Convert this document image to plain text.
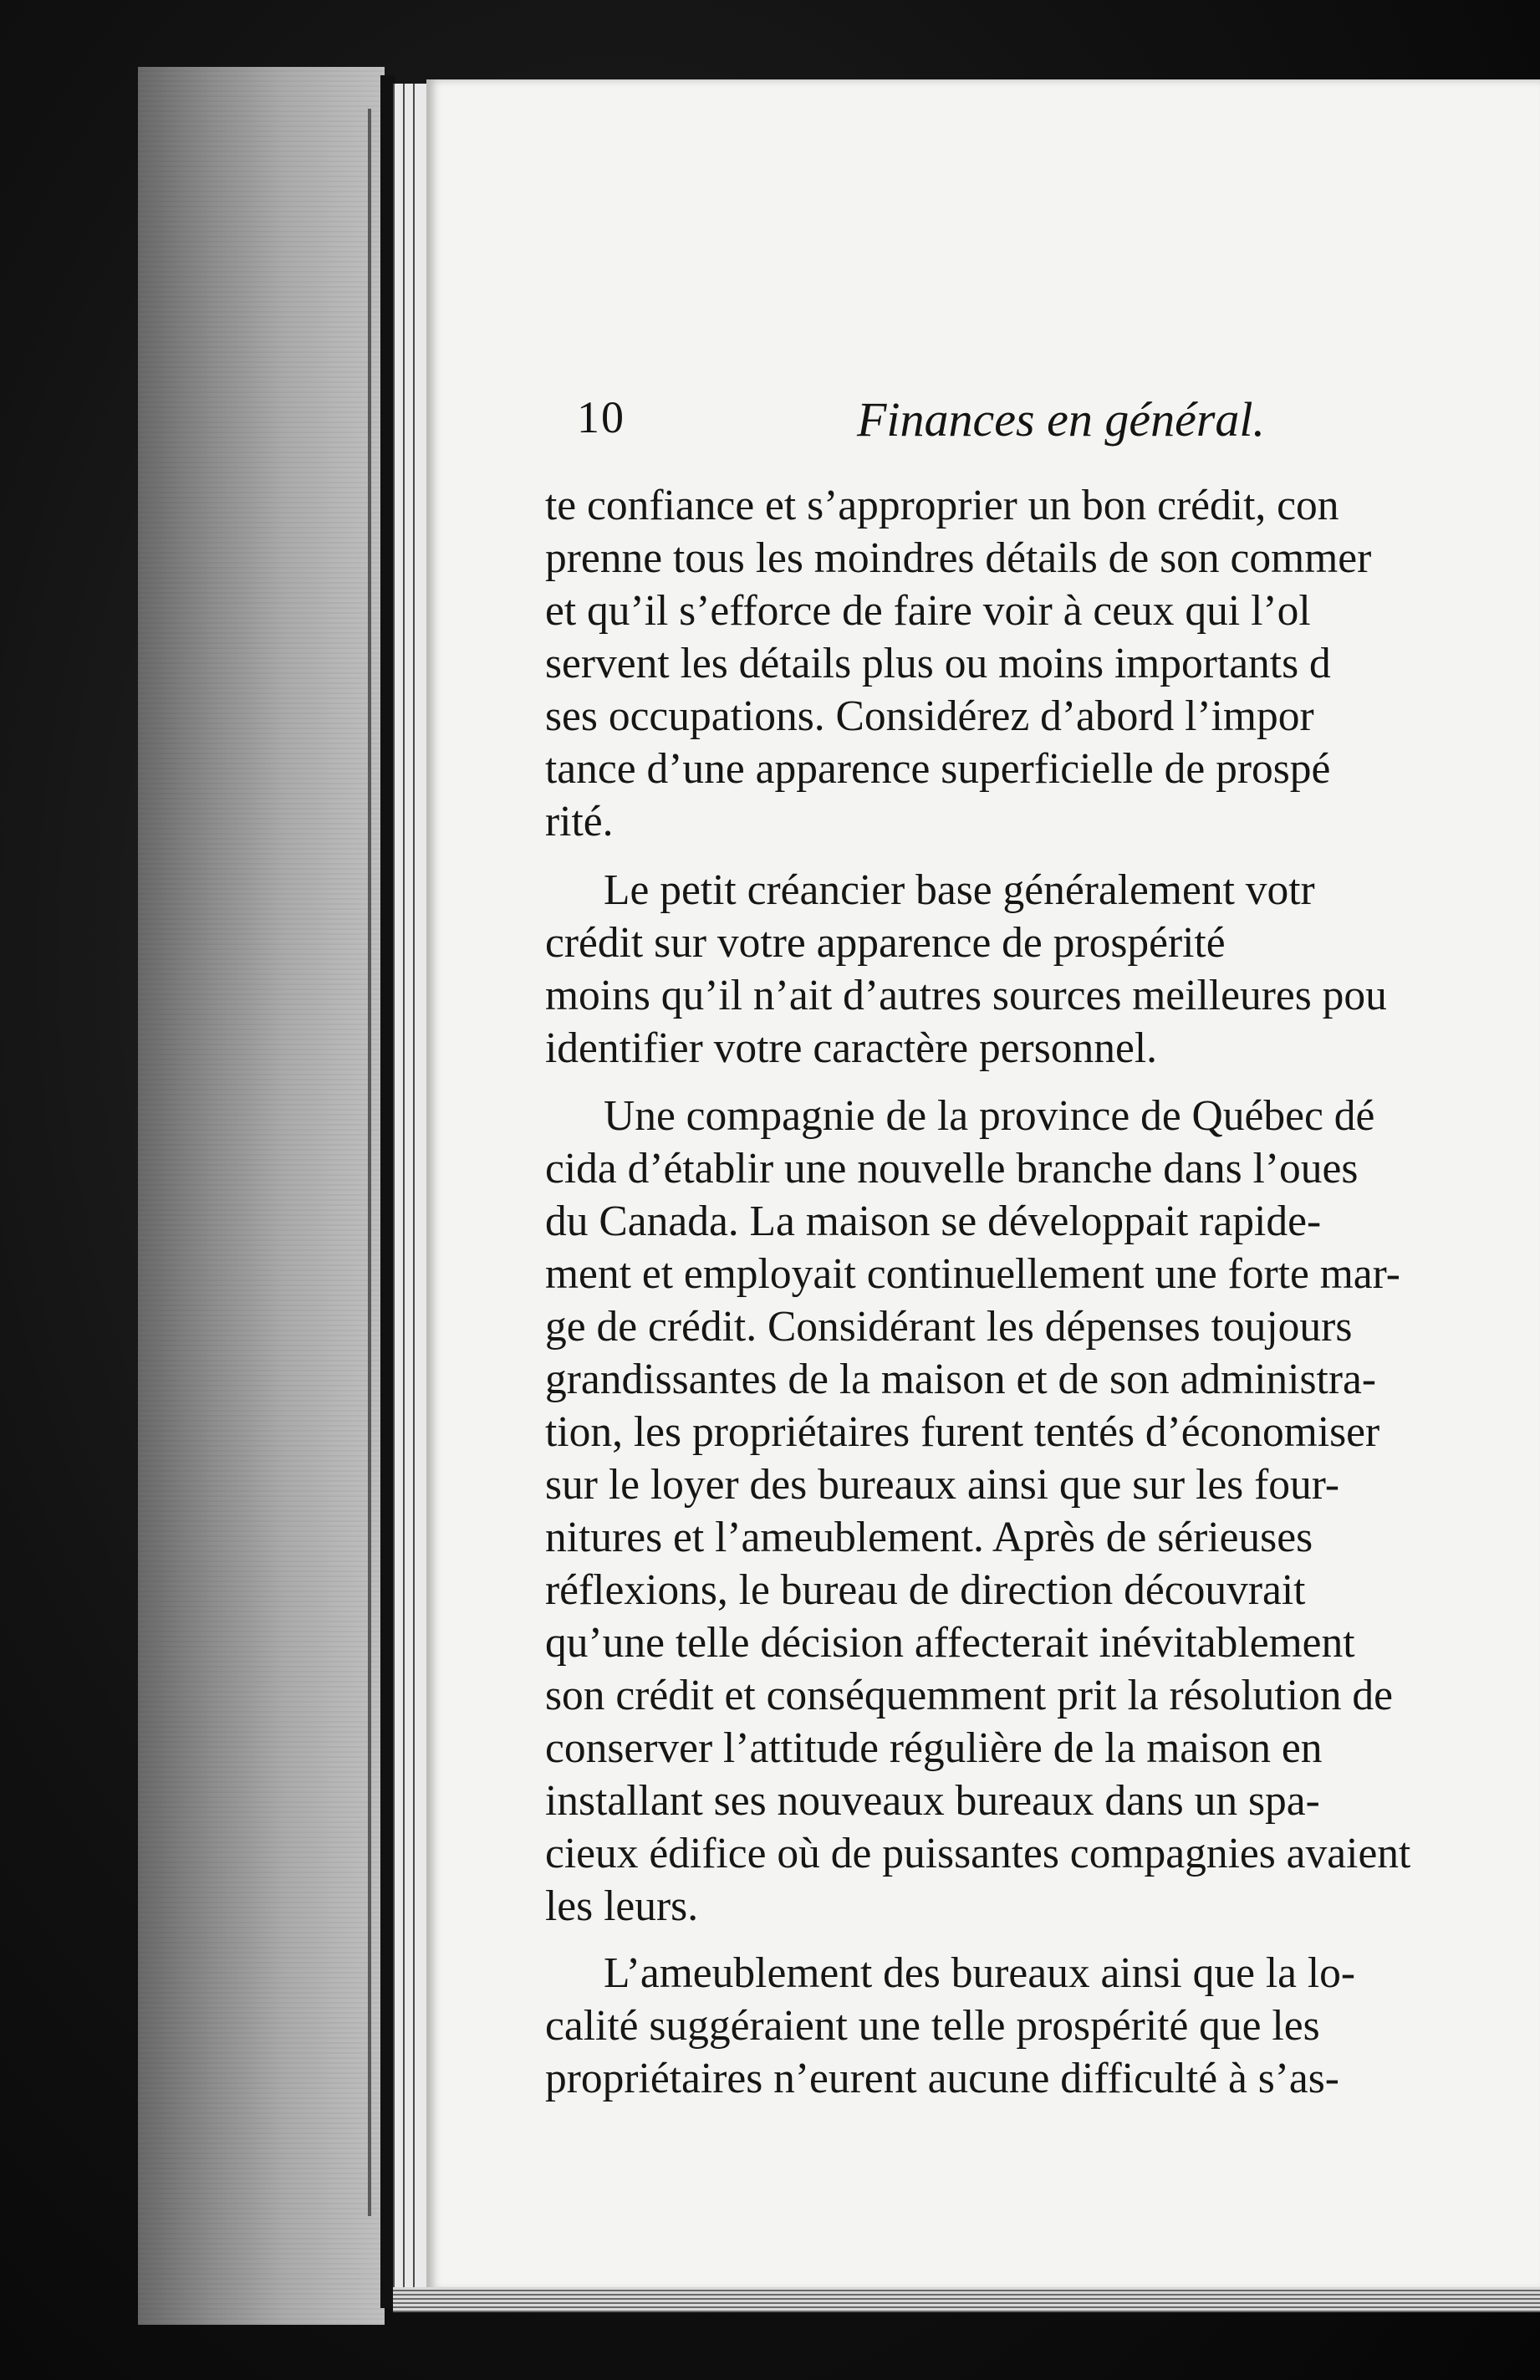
10	Finances en général.
te confiance et s’approprier un bon crédit, con
prenne tous les moindres détails de son commer
et qu’il s’efforce de faire voir à ceux qui l’ol
servent les détails plus ou moins importants d
ses occupations. Considérez d’abord l’impor
tance d’une apparence superficielle de prospé
rité.
Le petit créancier base généralement votr
crédit sur votre apparence de prospérité
moins qu’il n’ait d’autres sources meilleures pou
identifier votre caractère personnel.
Une compagnie de la province de Québec dé
cida d’établir une nouvelle branche dans l’oues
du Canada. La maison se développait rapide-
ment et employait continuellement une forte mar-
ge de crédit. Considérant les dépenses toujours
grandissantes de la maison et de son administra-
tion, les propriétaires furent tentés d’économiser
sur le loyer des bureaux ainsi que sur les four-
nitures et l’ameublement. Après de sérieuses
réflexions, le bureau de direction découvrait
qu’une telle décision affecterait inévitablement
son crédit et conséquemment prit la résolution de
conserver l’attitude régulière de la maison en
installant ses nouveaux bureaux dans un spa-
cieux édifice où de puissantes compagnies avaient
les leurs.
L’ameublement des bureaux ainsi que la lo-
calité suggéraient une telle prospérité que les
propriétaires n’eurent aucune difficulté à s’as-
